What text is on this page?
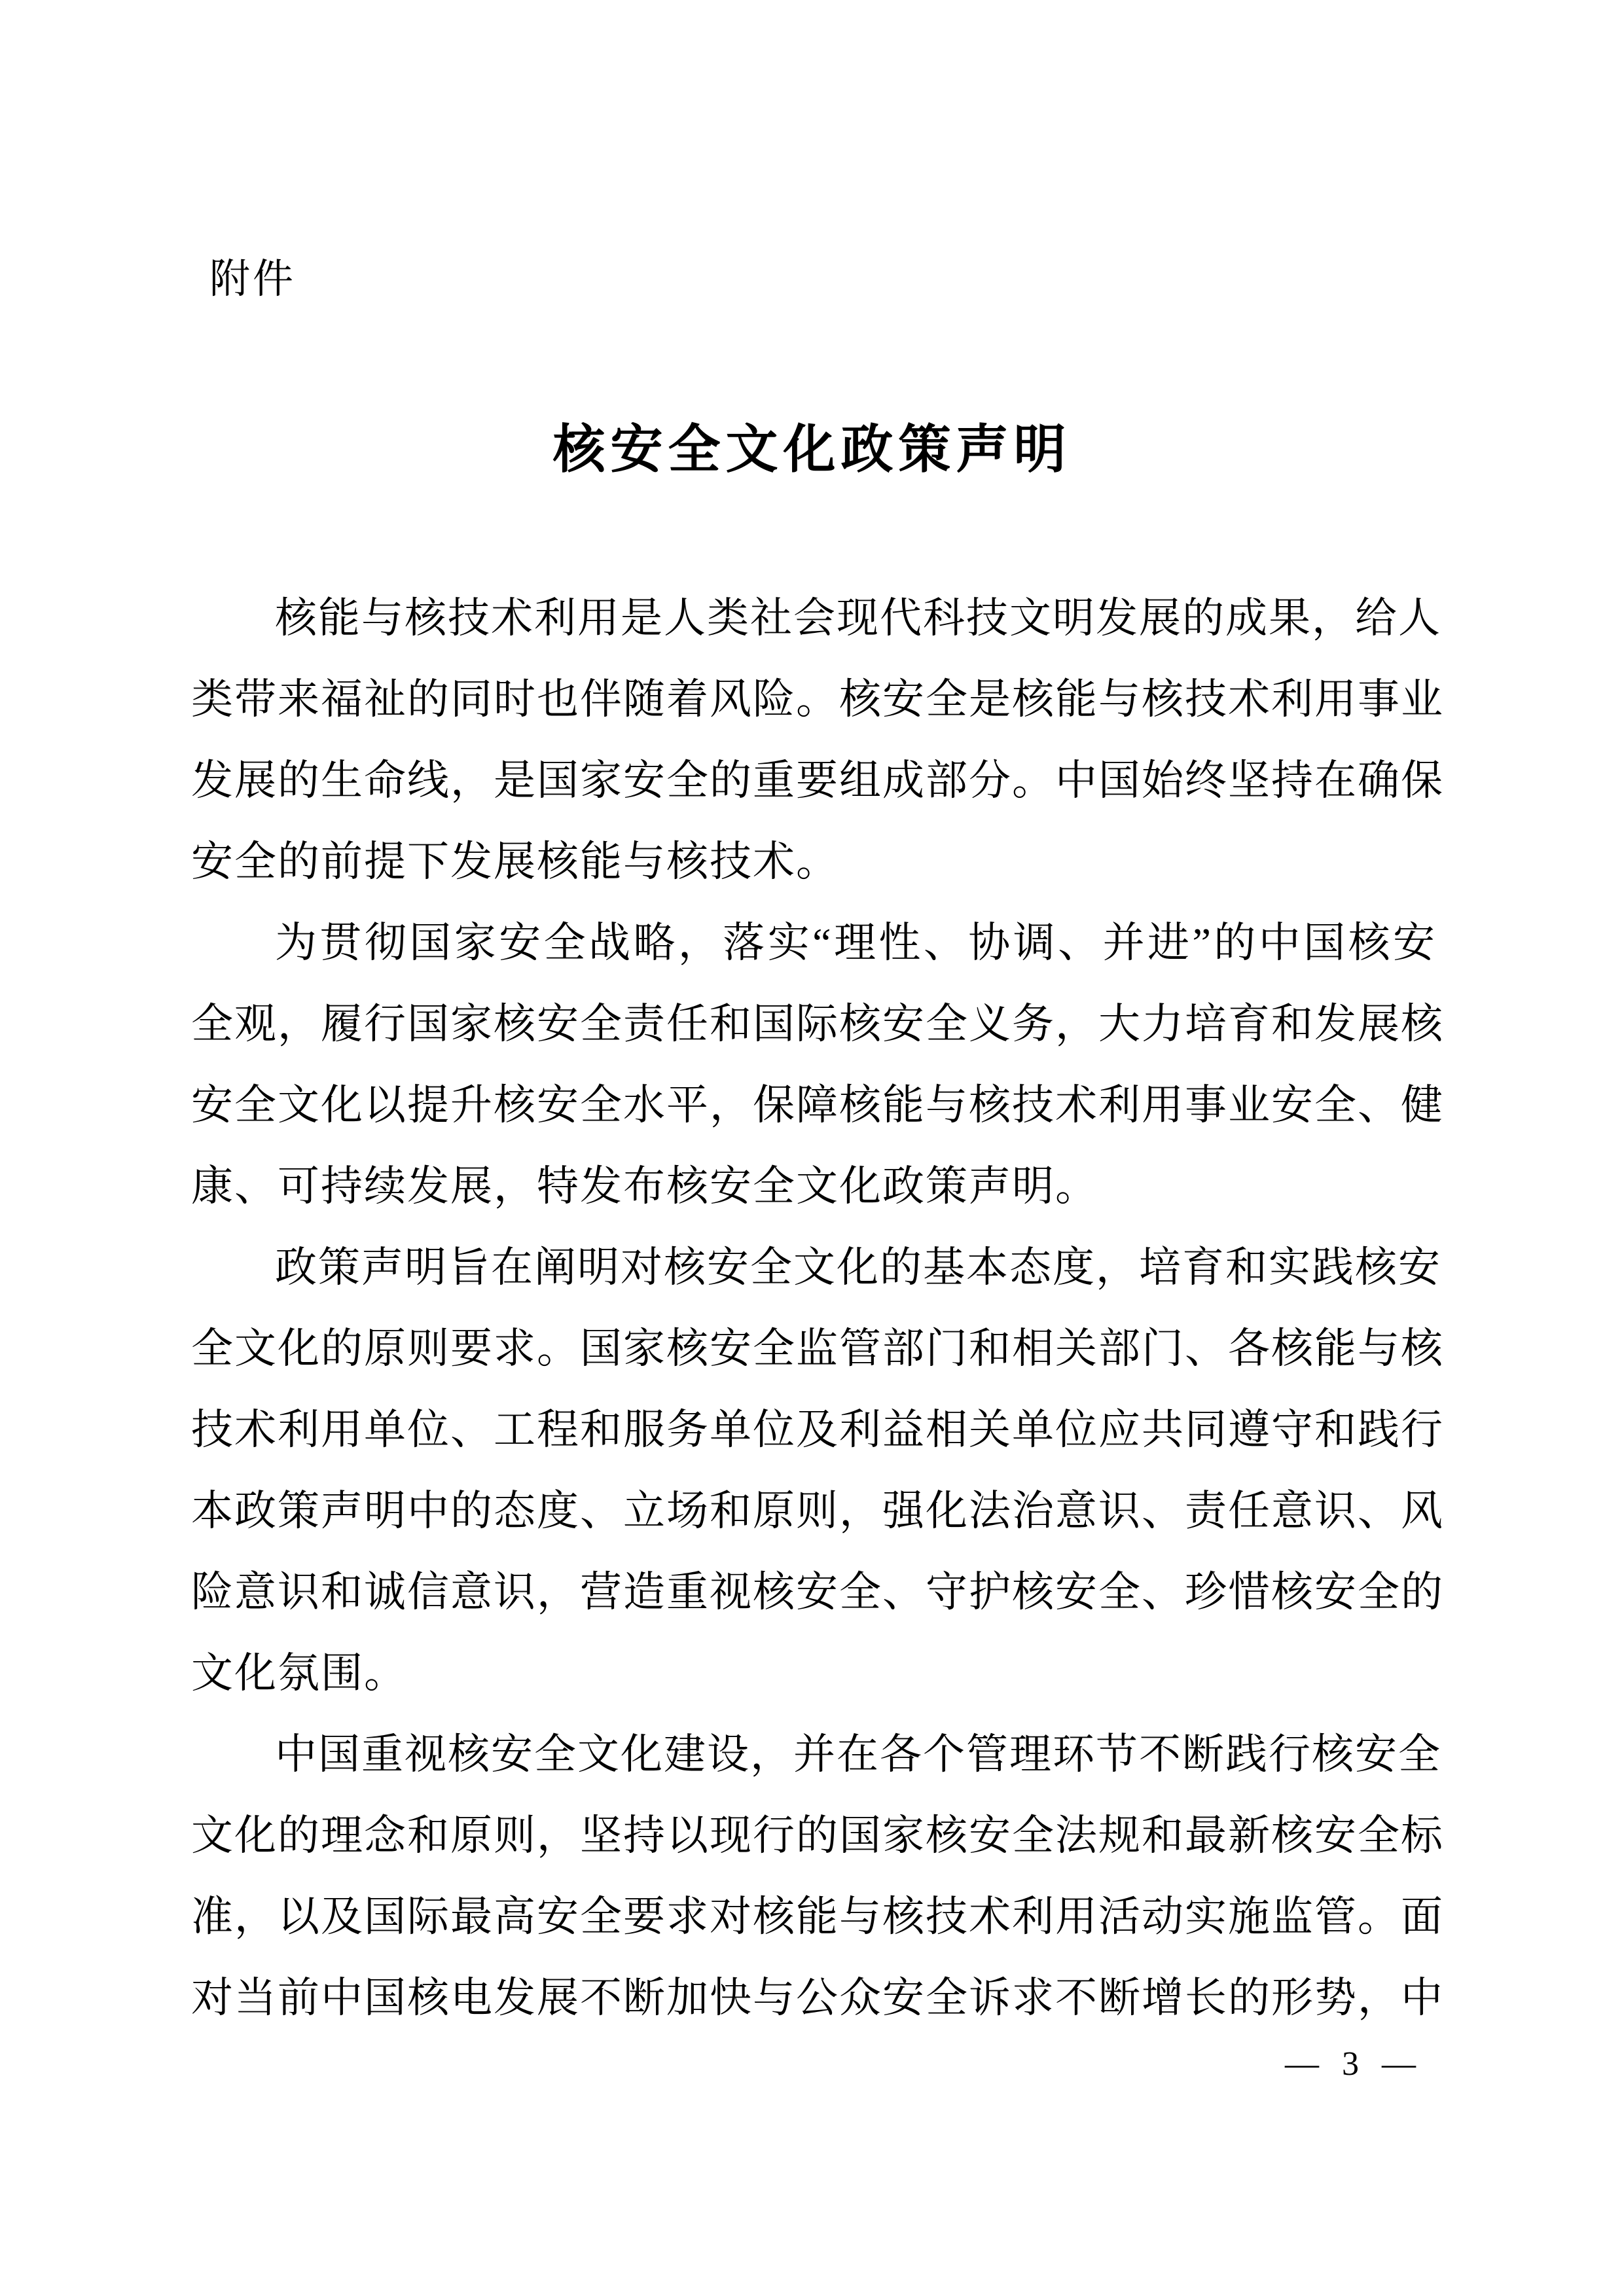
附件
核安全文化政策声明
核能与核技术利用是人类社会现代科技文明发展的成果，给人
类带来福祉的同时也伴随着风险。核安全是核能与核技术利用事业
发展的生命线，是国家安全的重要组成部分。中国始终坚持在确保
安全的前提下发展核能与核技术。
为贯彻国家安全战略，落实“理性、协调、并进”的中国核安
全观，履行国家核安全责任和国际核安全义务，大力培育和发展核
安全文化以提升核安全水平，保障核能与核技术利用事业安全、健
康、可持续发展，特发布核安全文化政策声明。
政策声明旨在阐明对核安全文化的基本态度，培育和实践核安
全文化的原则要求。国家核安全监管部门和相关部门、各核能与核
技术利用单位、工程和服务单位及利益相关单位应共同遵守和践行
本政策声明中的态度、立场和原则，强化法治意识、责任意识、风
险意识和诚信意识，营造重视核安全、守护核安全、珍惜核安全的
文化氛围。
中国重视核安全文化建设，并在各个管理环节不断践行核安全
文化的理念和原则，坚持以现行的国家核安全法规和最新核安全标
准，以及国际最高安全要求对核能与核技术利用活动实施监管。面
对当前中国核电发展不断加快与公众安全诉求不断增长的形势，中
— 3 —
